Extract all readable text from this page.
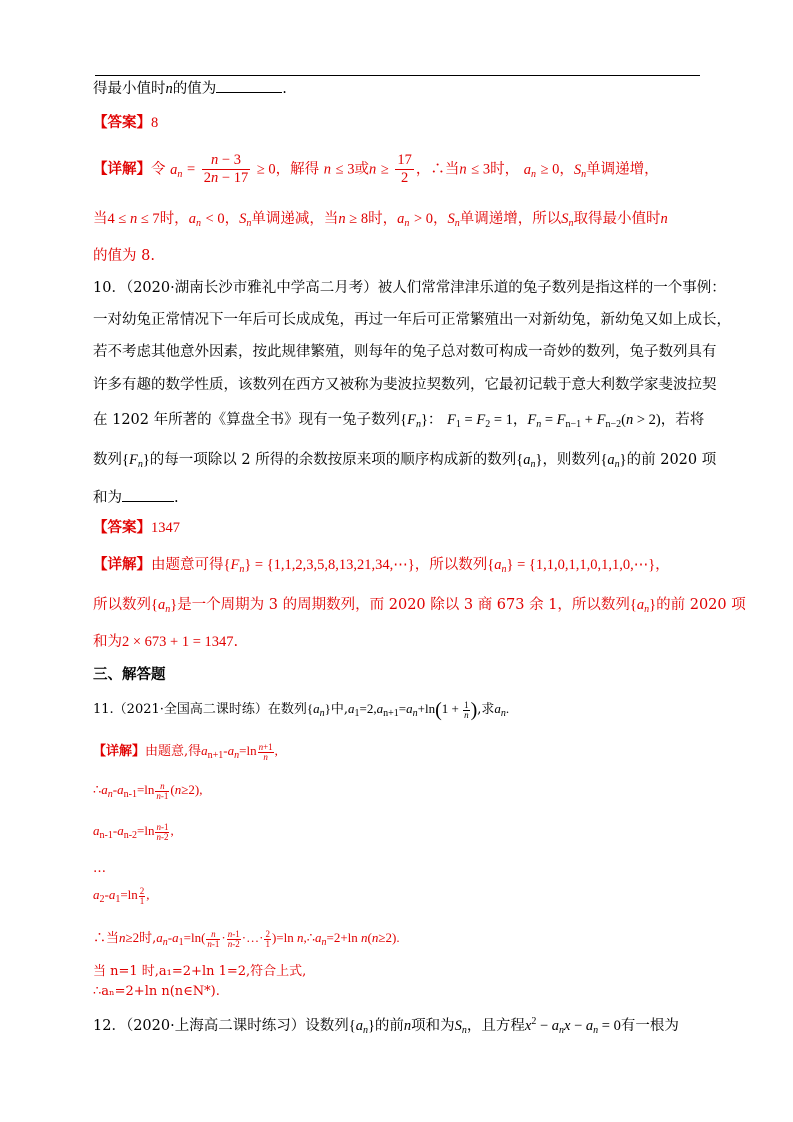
得最小值时n的值为	.
【答案】8
【详解】令 $a_n = \frac{n - 3}{2n - 17} \ge 0$，解得 n ≤ 3或$n \ge \frac{17}{2}$ ，∴当n ≤ 3时， $a_n \ge 0$，$S_n$单调递增，
当4 ≤ n ≤ 7时，$a_n < 0$，$S_n$单调递减，当n ≥ 8时，$a_n > 0$，$S_n$单调递增，所以$S_n$取得最小值时n
的值为 8.
10．（2020·湖南长沙市雅礼中学高二月考）被人们常常津津乐道的兔子数列是指这样的一个事例：
一对幼兔正常情况下一年后可长成成兔，再过一年后可正常繁殖出一对新幼兔，新幼兔又如上成长，
若不考虑其他意外因素，按此规律繁殖，则每年的兔子总对数可构成一奇妙的数列，兔子数列具有
许多有趣的数学性质，该数列在西方又被称为斐波拉契数列，它最初记载于意大利数学家斐波拉契
在 1202 年所著的《算盘全书》现有一兔子数列$\{F_n\}$： $F_1 = F_2 = 1$，$F_n = F_{n-1} + F_{n-2}(n > 2)$，若将
数列$\{F_n\}$的每一项除以 2 所得的余数按原来项的顺序构成新的数列$\{a_n\}$，则数列$\{a_n\}$的前 2020 项
和为	.
【答案】1347
【详解】由题意可得$\{F_n\}$ = {1,1,2,3,5,8,13,21,34,⋯}，所以数列$\{a_n\}$ = {1,1,0,1,1,0,1,1,0,⋯}，
所以数列$\{a_n\}$是一个周期为 3 的周期数列，而 2020 除以 3 商 673 余 1，所以数列$\{a_n\}$的前 2020 项
和为2 × 673 + 1 = 1347.
三、解答题
11.（2021·全国高二课时练）在数列$\{a_n\}$中$,a_1=2,a_{n+1}=a_n+\ln(1 + \frac{1}{n}$ ),求$a_n$.
【详解】由题意,得$a_{n+1}-a_n=\ln \frac{n+1}{n}$ ,
$\therefore a_n-a_{n-1}=\ln \frac{n}{n-1} (n\ge 2)$,
$a_{n-1}-a_{n-2}=\ln \frac{n-1}{n-2}$ ,
…
$a_2-a_1=\ln \frac{2}{1}$ ,
∴当n≥2时$,a_n-a_1=\ln( \frac{n}{n-1} \cdot \frac{n-1}{n-2}$ ·…· $\frac{2}{1} )=\ln$ $n,\therefore a_n=2+\ln$ n(n≥2).
当 n=1 时,a₁=2+ln 1=2,符合上式,
∴aₙ=2+ln n(n∈N*).
12．（2020·上海高二课时练习）设数列$\{a_n\}$的前n项和为$S_n$，且方程$x^2 - a_nx - a_n = 0$有一根为
